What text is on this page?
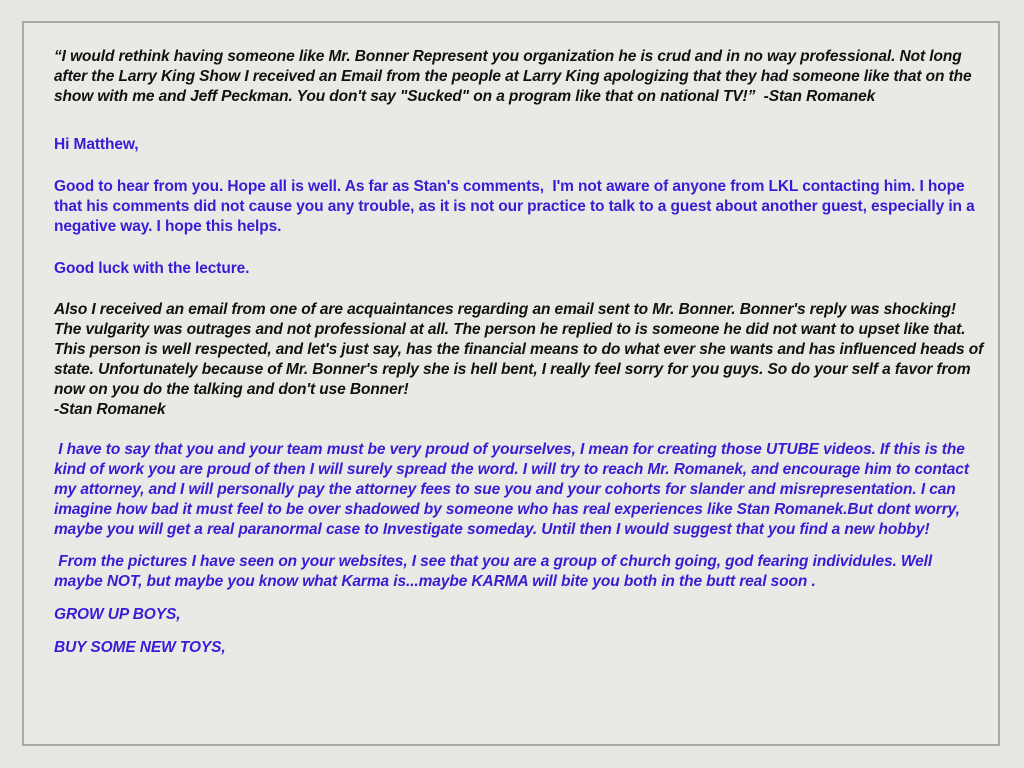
“I would rethink having someone like Mr. Bonner Represent you organization he is crud and in no way professional. Not long after the Larry King Show I received an Email from the people at Larry King apologizing that they had someone like that on the show with me and Jeff Peckman. You don't say "Sucked" on a program like that on national TV!”  -Stan Romanek

Hi Matthew,

Good to hear from you. Hope all is well. As far as Stan's comments,  I'm not aware of anyone from LKL contacting him. I hope that his comments did not cause you any trouble, as it is not our practice to talk to a guest about another guest, especially in a negative way. I hope this helps.

Good luck with the lecture.

Also I received an email from one of are acquaintances regarding an email sent to Mr. Bonner. Bonner's reply was shocking! The vulgarity was outrages and not professional at all. The person he replied to is someone he did not want to upset like that. This person is well respected, and let's just say, has the financial means to do what ever she wants and has influenced heads of state. Unfortunately because of Mr. Bonner's reply she is hell bent, I really feel sorry for you guys. So do your self a favor from now on you do the talking and don't use Bonner!
-Stan Romanek

I have to say that you and your team must be very proud of yourselves, I mean for creating those UTUBE videos. If this is the kind of work you are proud of then I will surely spread the word. I will try to reach Mr. Romanek, and encourage him to contact my attorney, and I will personally pay the attorney fees to sue you and your cohorts for slander and misrepresentation. I can imagine how bad it must feel to be over shadowed by someone who has real experiences like Stan Romanek.But dont worry, maybe you will get a real paranormal case to Investigate someday. Until then I would suggest that you find a new hobby!

From the pictures I have seen on your websites, I see that you are a group of church going, god fearing individules. Well maybe NOT, but maybe you know what Karma is...maybe KARMA will bite you both in the butt real soon .

GROW UP BOYS,

BUY SOME NEW TOYS,
